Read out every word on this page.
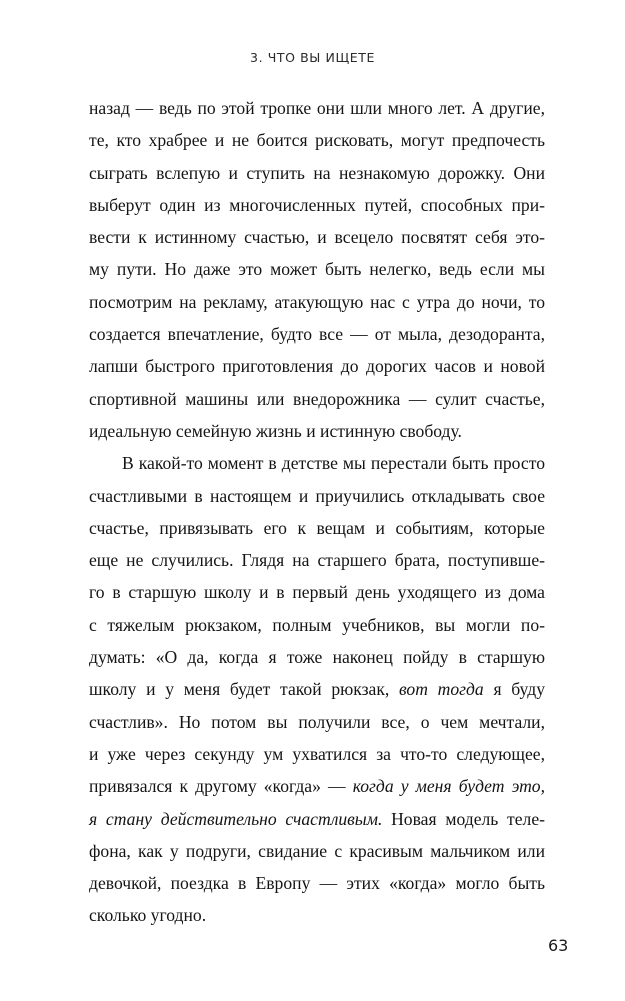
3. ЧТО ВЫ ИЩЕТЕ
назад — ведь по этой тропке они шли много лет. А другие,
те, кто храбрее и не боится рисковать, могут предпочесть
сыграть вслепую и ступить на незнакомую дорожку. Они
выберут один из многочисленных путей, способных при-
вести к истинному счастью, и всецело посвятят себя это-
му пути. Но даже это может быть нелегко, ведь если мы
посмотрим на рекламу, атакующую нас с утра до ночи, то
создается впечатление, будто все — от мыла, дезодоранта,
лапши быстрого приготовления до дорогих часов и новой
спортивной машины или внедорожника — сулит счастье,
идеальную семейную жизнь и истинную свободу.
В какой-то момент в детстве мы перестали быть просто
счастливыми в настоящем и приучились откладывать свое
счастье, привязывать его к вещам и событиям, которые
еще не случились. Глядя на старшего брата, поступивше-
го в старшую школу и в первый день уходящего из дома
с тяжелым рюкзаком, полным учебников, вы могли по-
думать: «О да, когда я тоже наконец пойду в старшую
школу и у меня будет такой рюкзак, вот тогда я буду
счастлив». Но потом вы получили все, о чем мечтали,
и уже через секунду ум ухватился за что-то следующее,
привязался к другому «когда» — когда у меня будет это,
я стану действительно счастливым. Новая модель теле-
фона, как у подруги, свидание с красивым мальчиком или
девочкой, поездка в Европу — этих «когда» могло быть
сколько угодно.
63
